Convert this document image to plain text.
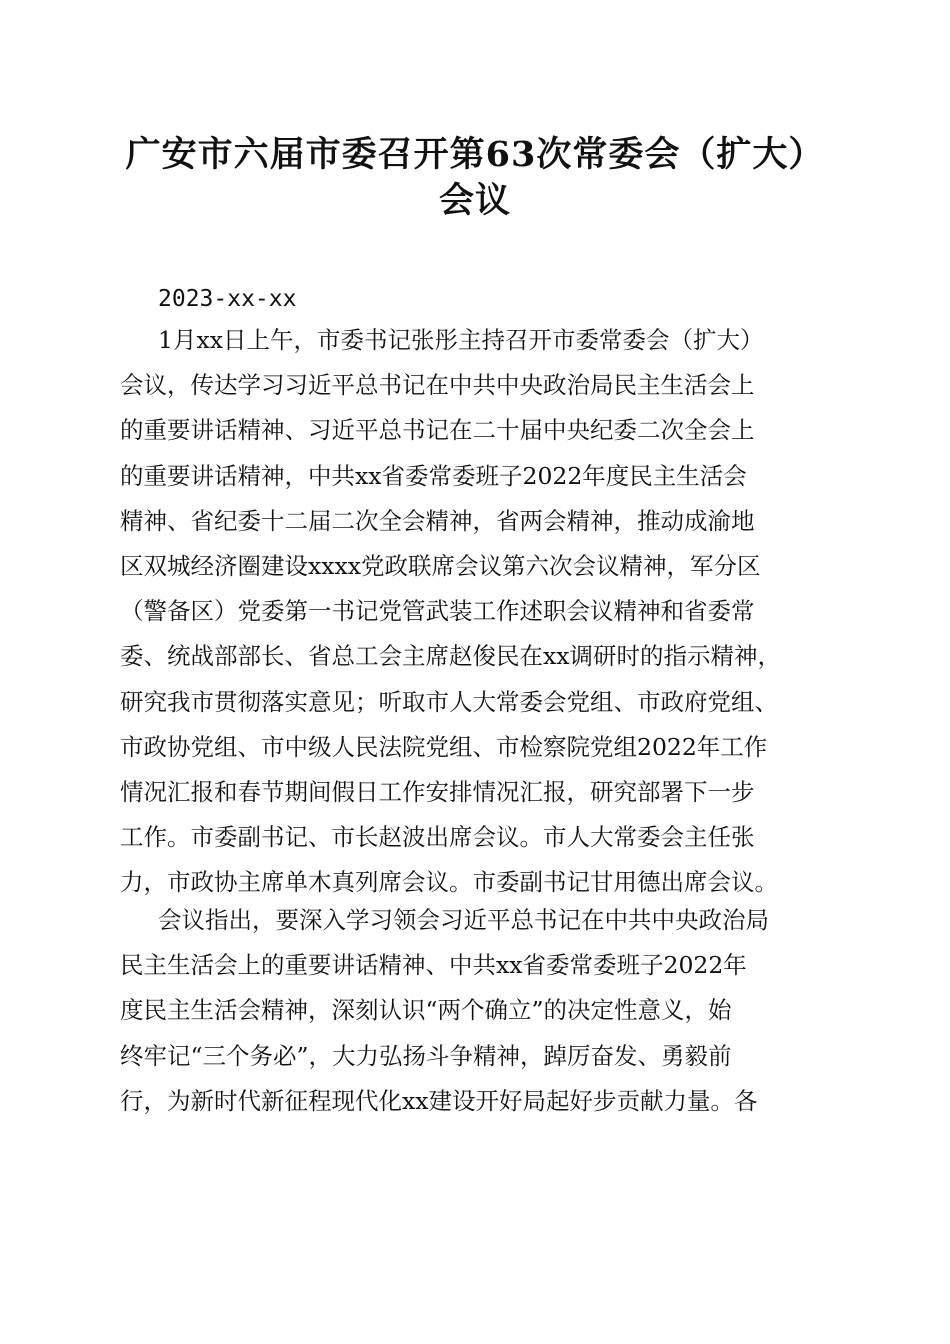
广安市六届市委召开第63次常委会（扩大）
会议
2023-xx-xx
1月xx日上午，市委书记张彤主持召开市委常委会（扩大）
会议，传达学习习近平总书记在中共中央政治局民主生活会上
的重要讲话精神、习近平总书记在二十届中央纪委二次全会上
的重要讲话精神，中共xx省委常委班子2022年度民主生活会
精神、省纪委十二届二次全会精神，省两会精神，推动成渝地
区双城经济圈建设xxxx党政联席会议第六次会议精神，军分区
（警备区）党委第一书记党管武装工作述职会议精神和省委常
委、统战部部长、省总工会主席赵俊民在xx调研时的指示精神，
研究我市贯彻落实意见；听取市人大常委会党组、市政府党组、
市政协党组、市中级人民法院党组、市检察院党组2022年工作
情况汇报和春节期间假日工作安排情况汇报，研究部署下一步
工作。市委副书记、市长赵波出席会议。市人大常委会主任张
力，市政协主席单木真列席会议。市委副书记甘用德出席会议。
会议指出，要深入学习领会习近平总书记在中共中央政治局
民主生活会上的重要讲话精神、中共xx省委常委班子2022年
度民主生活会精神，深刻认识“两个确立”的决定性意义，始
终牢记“三个务必”，大力弘扬斗争精神，踔厉奋发、勇毅前
行，为新时代新征程现代化xx建设开好局起好步贡献力量。各
